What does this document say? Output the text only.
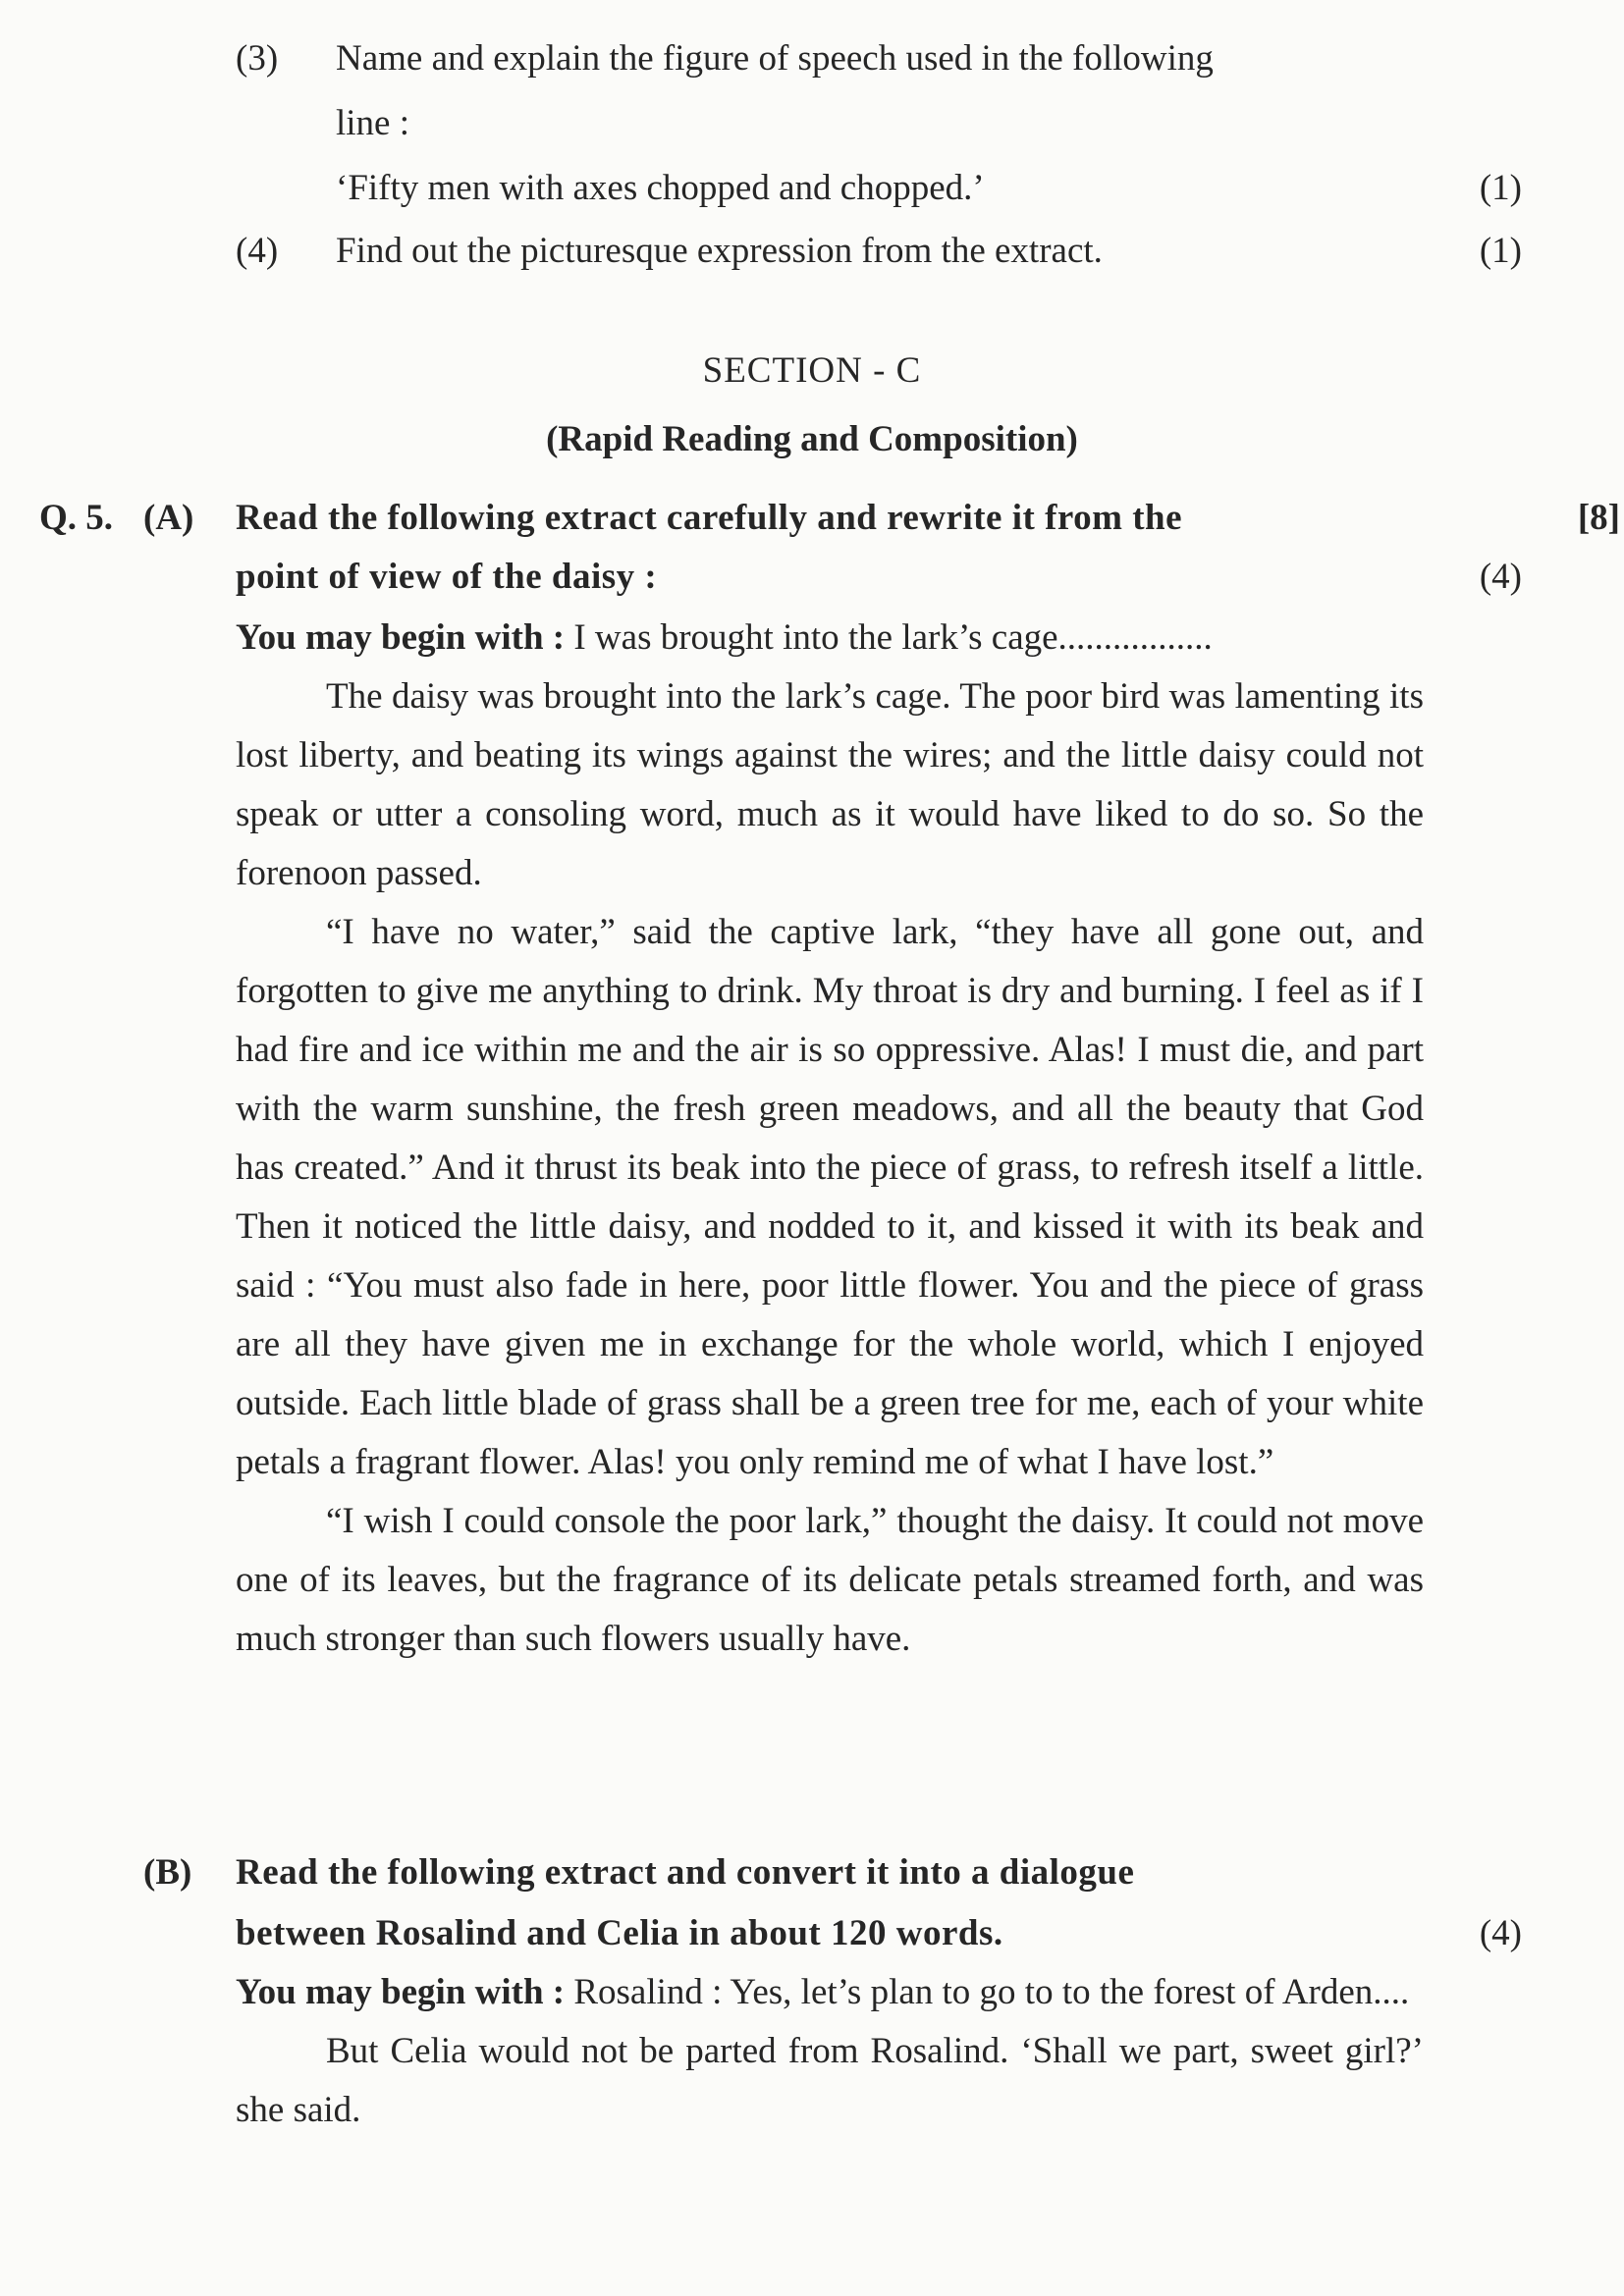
(3) Name and explain the figure of speech used in the following
line :
‘Fifty men with axes chopped and chopped.’	(1)
(4) Find out the picturesque expression from the extract.	(1)
SECTION - C
(Rapid Reading and Composition)
Q. 5. (A) Read the following extract carefully and rewrite it from the	[8]
point of view of the daisy :	(4)

You may begin with : I was brought into the lark’s cage.................

The daisy was brought into the lark’s cage. The poor bird was lamenting its lost liberty, and beating its wings against the wires; and the little daisy could not speak or utter a consoling word, much as it would have liked to do so. So the forenoon passed.

“I have no water,” said the captive lark, “they have all gone out, and forgotten to give me anything to drink. My throat is dry and burning. I feel as if I had fire and ice within me and the air is so oppressive. Alas! I must die, and part with the warm sunshine, the fresh green meadows, and all the beauty that God has created.” And it thrust its beak into the piece of grass, to refresh itself a little. Then it noticed the little daisy, and nodded to it, and kissed it with its beak and said : “You must also fade in here, poor little flower. You and the piece of grass are all they have given me in exchange for the whole world, which I enjoyed outside. Each little blade of grass shall be a green tree for me, each of your white petals a fragrant flower. Alas! you only remind me of what I have lost.”

“I wish I could console the poor lark,” thought the daisy. It could not move one of its leaves, but the fragrance of its delicate petals streamed forth, and was much stronger than such flowers usually have.

(B) Read the following extract and convert it into a dialogue
between Rosalind and Celia in about 120 words.	(4)

You may begin with : Rosalind : Yes, let’s plan to go to to the forest of Arden....

But Celia would not be parted from Rosalind. ‘Shall we part, sweet girl?’ she said.
